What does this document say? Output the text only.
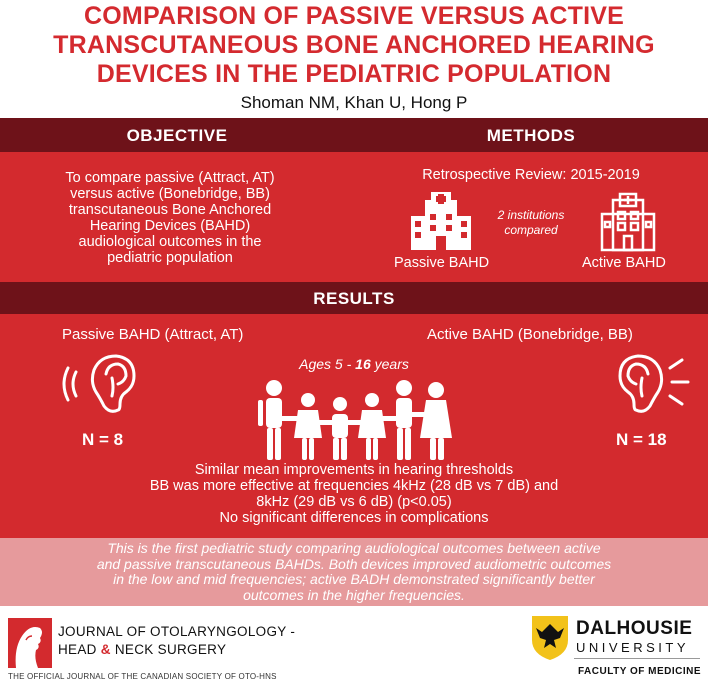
COMPARISON OF PASSIVE VERSUS ACTIVE
TRANSCUTANEOUS BONE ANCHORED HEARING
DEVICES IN THE PEDIATRIC POPULATION
Shoman NM, Khan U, Hong P
OBJECTIVE	METHODS
To compare passive (Attract, AT)
versus active (Bonebridge, BB)
transcutaneous Bone Anchored
Hearing Devices (BAHD)
audiological outcomes in the
pediatric population
Retrospective Review: 2015-2019
2 institutions
compared
Passive BAHD	Active BAHD
RESULTS
Passive BAHD (Attract, AT)	Active BAHD (Bonebridge, BB)
Ages 5 - 16 years
N = 8	N = 18
Similar mean improvements in hearing thresholds
BB was more effective at frequencies 4kHz (28 dB vs 7 dB) and
8kHz (29 dB vs 6 dB) (p<0.05)
No significant differences in complications
This is the first pediatric study comparing audiological outcomes between active
and passive transcutaneous BAHDs. Both devices improved audiometric outcomes
in the low and mid frequencies; active BADH demonstrated significantly better
outcomes in the higher frequencies.
JOURNAL OF OTOLARYNGOLOGY -
HEAD & NECK SURGERY
THE OFFICIAL JOURNAL OF THE CANADIAN SOCIETY OF OTO-HNS
DALHOUSIE
UNIVERSITY
FACULTY OF MEDICINE
